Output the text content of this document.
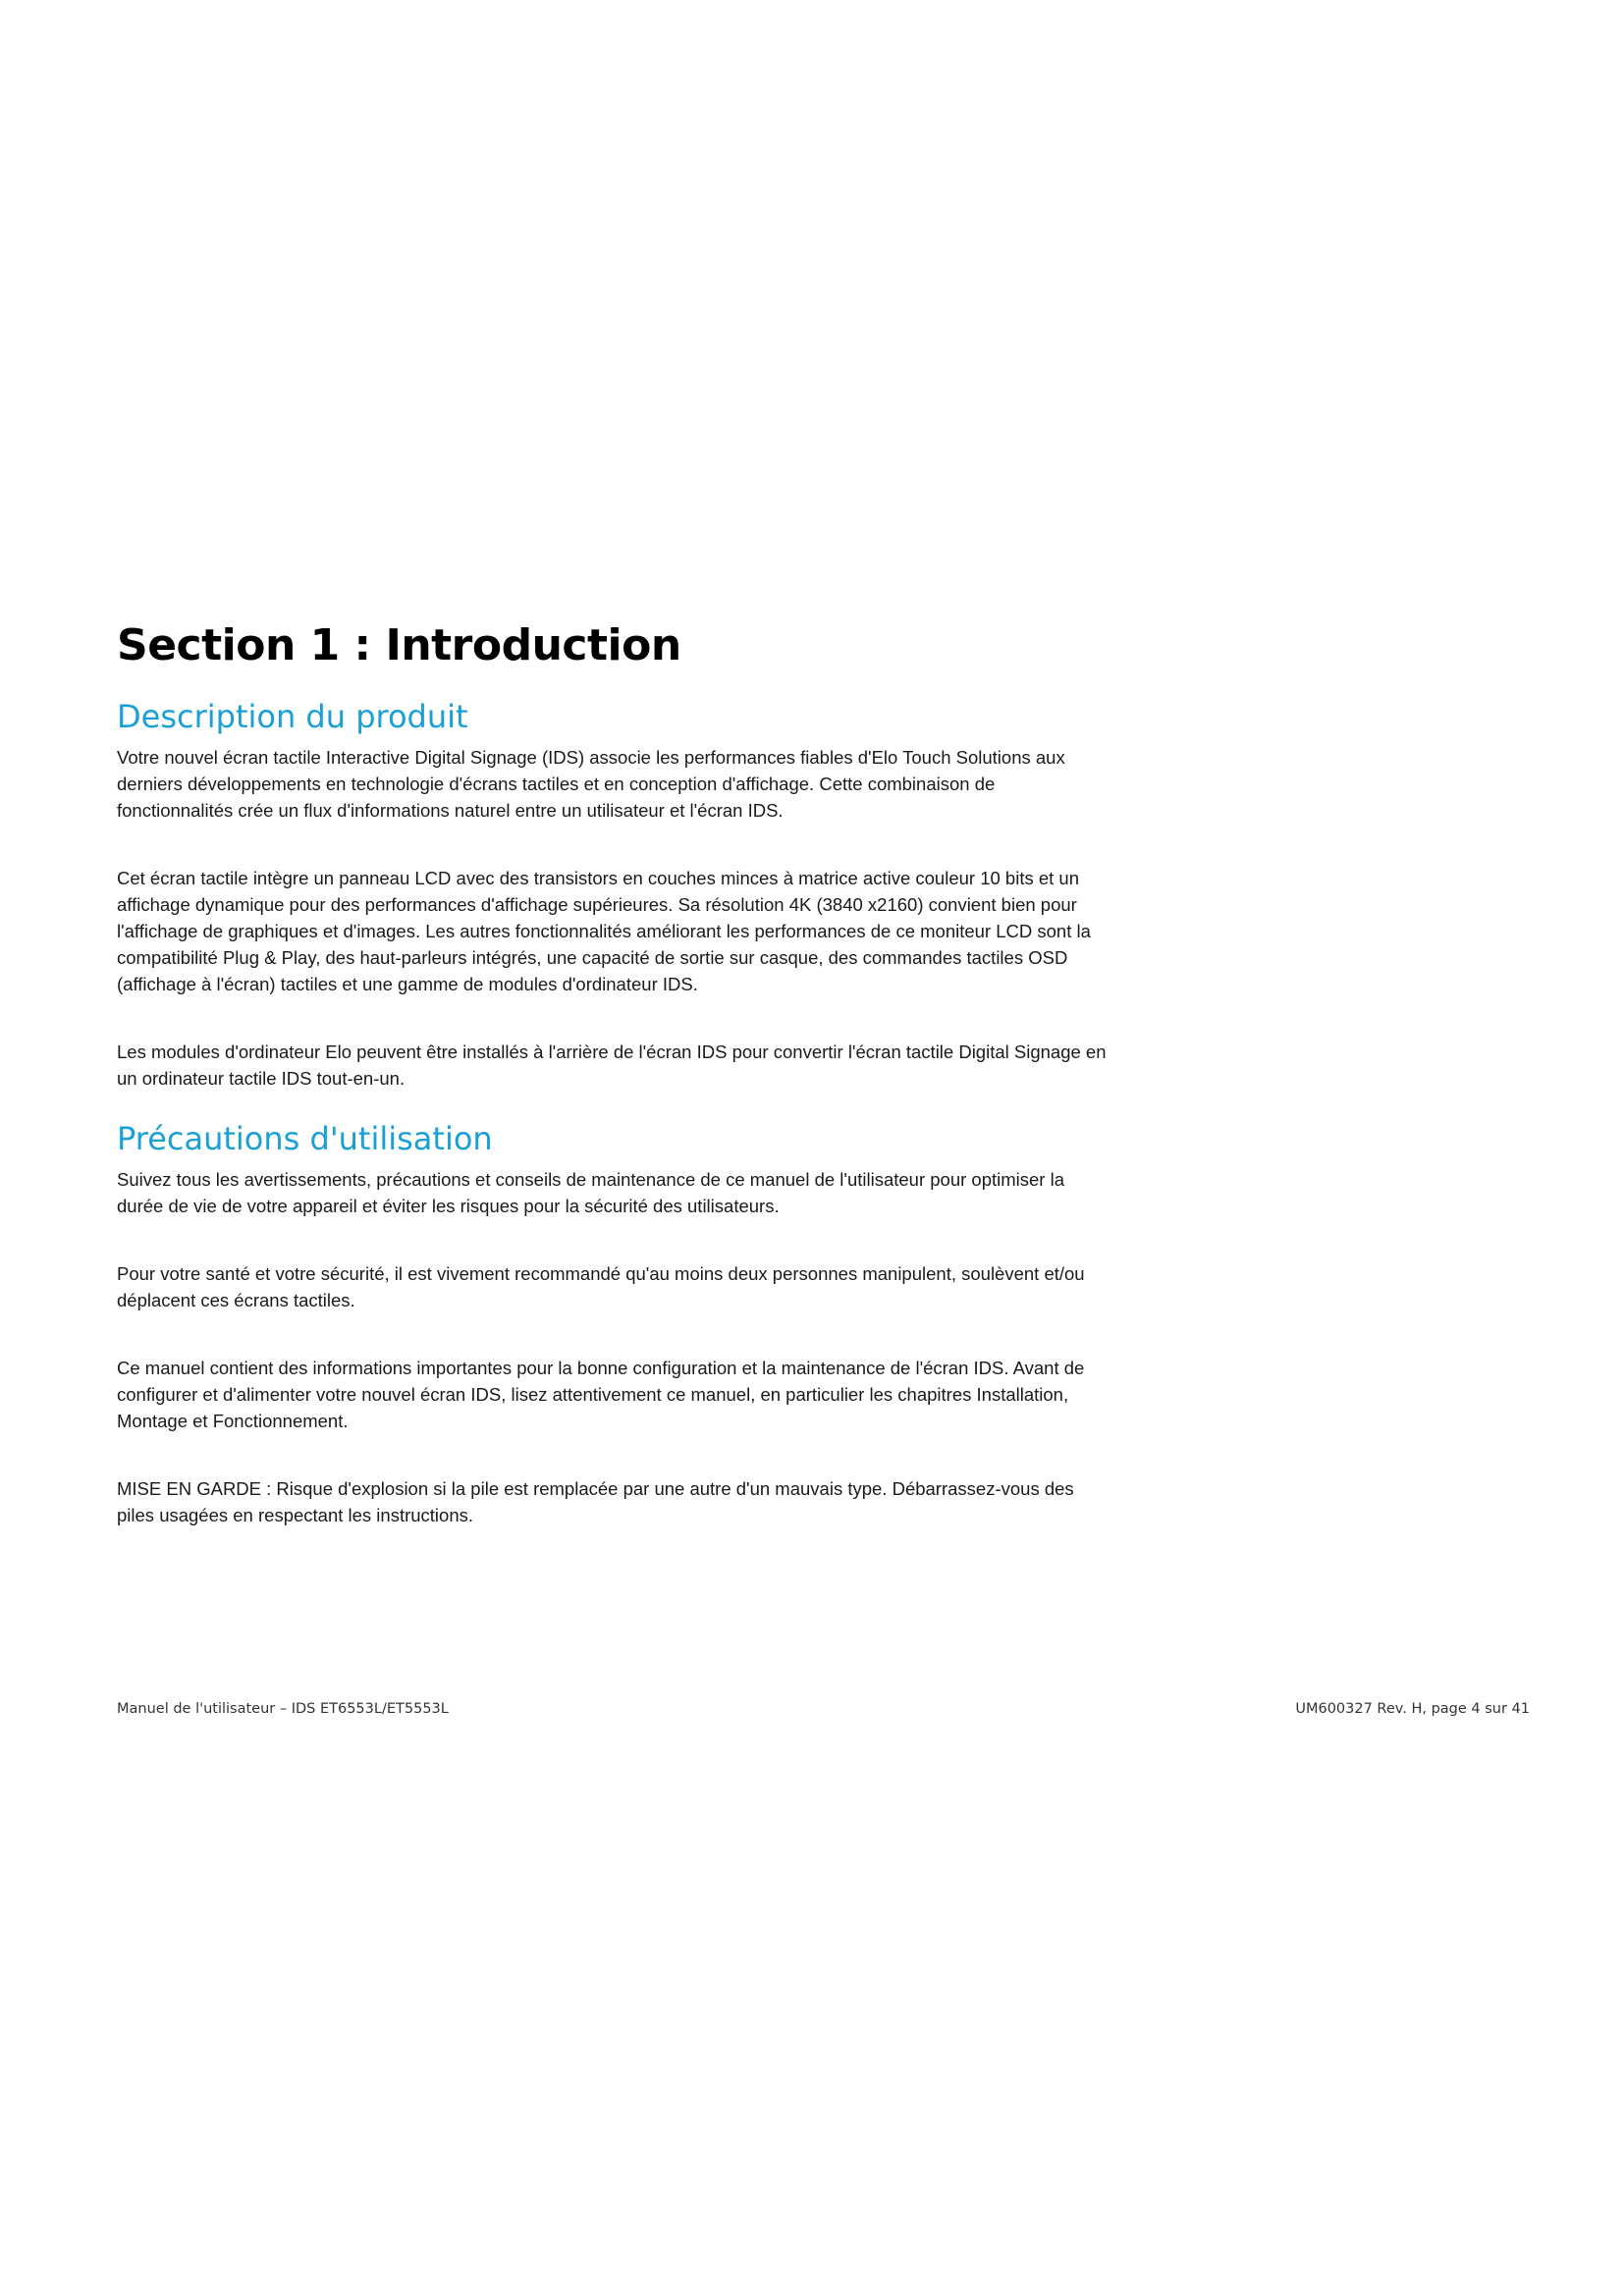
Section 1 : Introduction
Description du produit

Votre nouvel écran tactile Interactive Digital Signage (IDS) associe les performances fiables d'Elo Touch Solutions aux derniers développements en technologie d'écrans tactiles et en conception d'affichage. Cette combinaison de fonctionnalités crée un flux d'informations naturel entre un utilisateur et l'écran IDS.

Cet écran tactile intègre un panneau LCD avec des transistors en couches minces à matrice active couleur 10 bits et un affichage dynamique pour des performances d'affichage supérieures. Sa résolution 4K (3840 x2160) convient bien pour l'affichage de graphiques et d'images. Les autres fonctionnalités améliorant les performances de ce moniteur LCD sont la compatibilité Plug & Play, des haut-parleurs intégrés, une capacité de sortie sur casque, des commandes tactiles OSD (affichage à l'écran) tactiles et une gamme de modules d'ordinateur IDS.

Les modules d'ordinateur Elo peuvent être installés à l'arrière de l'écran IDS pour convertir l'écran tactile Digital Signage en un ordinateur tactile IDS tout-en-un.

Précautions d'utilisation

Suivez tous les avertissements, précautions et conseils de maintenance de ce manuel de l'utilisateur pour optimiser la durée de vie de votre appareil et éviter les risques pour la sécurité des utilisateurs.

Pour votre santé et votre sécurité, il est vivement recommandé qu'au moins deux personnes manipulent, soulèvent et/ou déplacent ces écrans tactiles.

Ce manuel contient des informations importantes pour la bonne configuration et la maintenance de l'écran IDS. Avant de configurer et d'alimenter votre nouvel écran IDS, lisez attentivement ce manuel, en particulier les chapitres Installation, Montage et Fonctionnement.

MISE EN GARDE : Risque d'explosion si la pile est remplacée par une autre d'un mauvais type. Débarrassez-vous des piles usagées en respectant les instructions.

Manuel de l'utilisateur – IDS ET6553L/ET5553L	UM600327 Rev. H, page 4 sur 41
